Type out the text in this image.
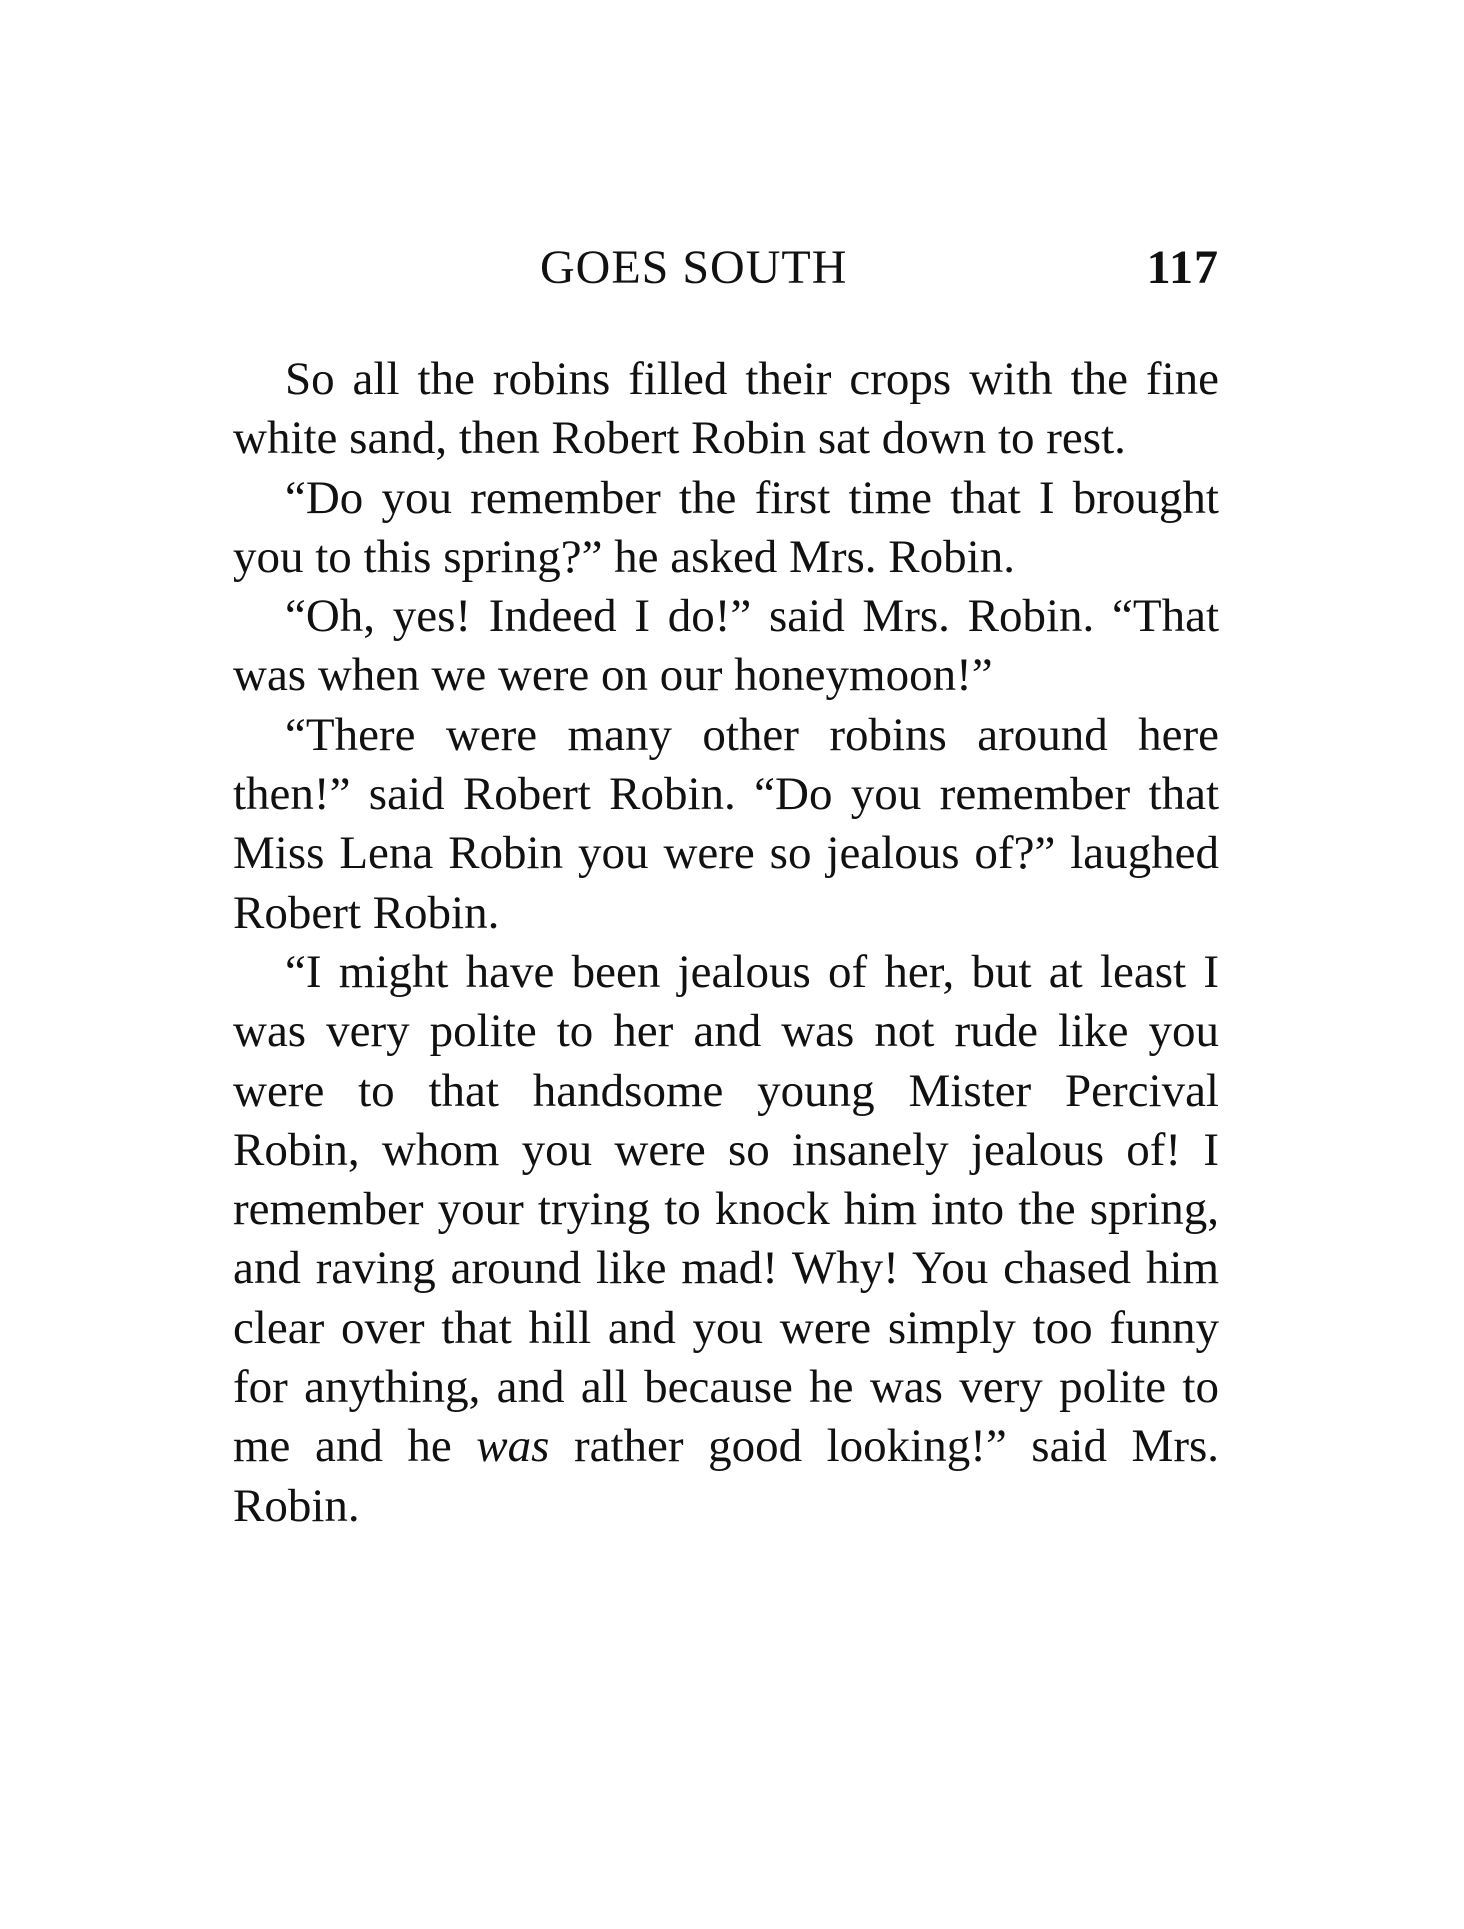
GOES SOUTH	117

So all the robins filled their crops with the fine white sand, then Robert Robin sat down to rest.

“Do you remember the first time that I brought you to this spring?” he asked Mrs. Robin.

“Oh, yes! Indeed I do!” said Mrs. Robin. “That was when we were on our honeymoon!”

“There were many other robins around here then!” said Robert Robin. “Do you remember that Miss Lena Robin you were so jealous of?” laughed Robert Robin.

“I might have been jealous of her, but at least I was very polite to her and was not rude like you were to that handsome young Mister Percival Robin, whom you were so insanely jealous of! I remember your trying to knock him into the spring, and raving around like mad! Why! You chased him clear over that hill and you were simply too funny for anything, and all because he was very polite to me and he was rather good looking!” said Mrs. Robin.
